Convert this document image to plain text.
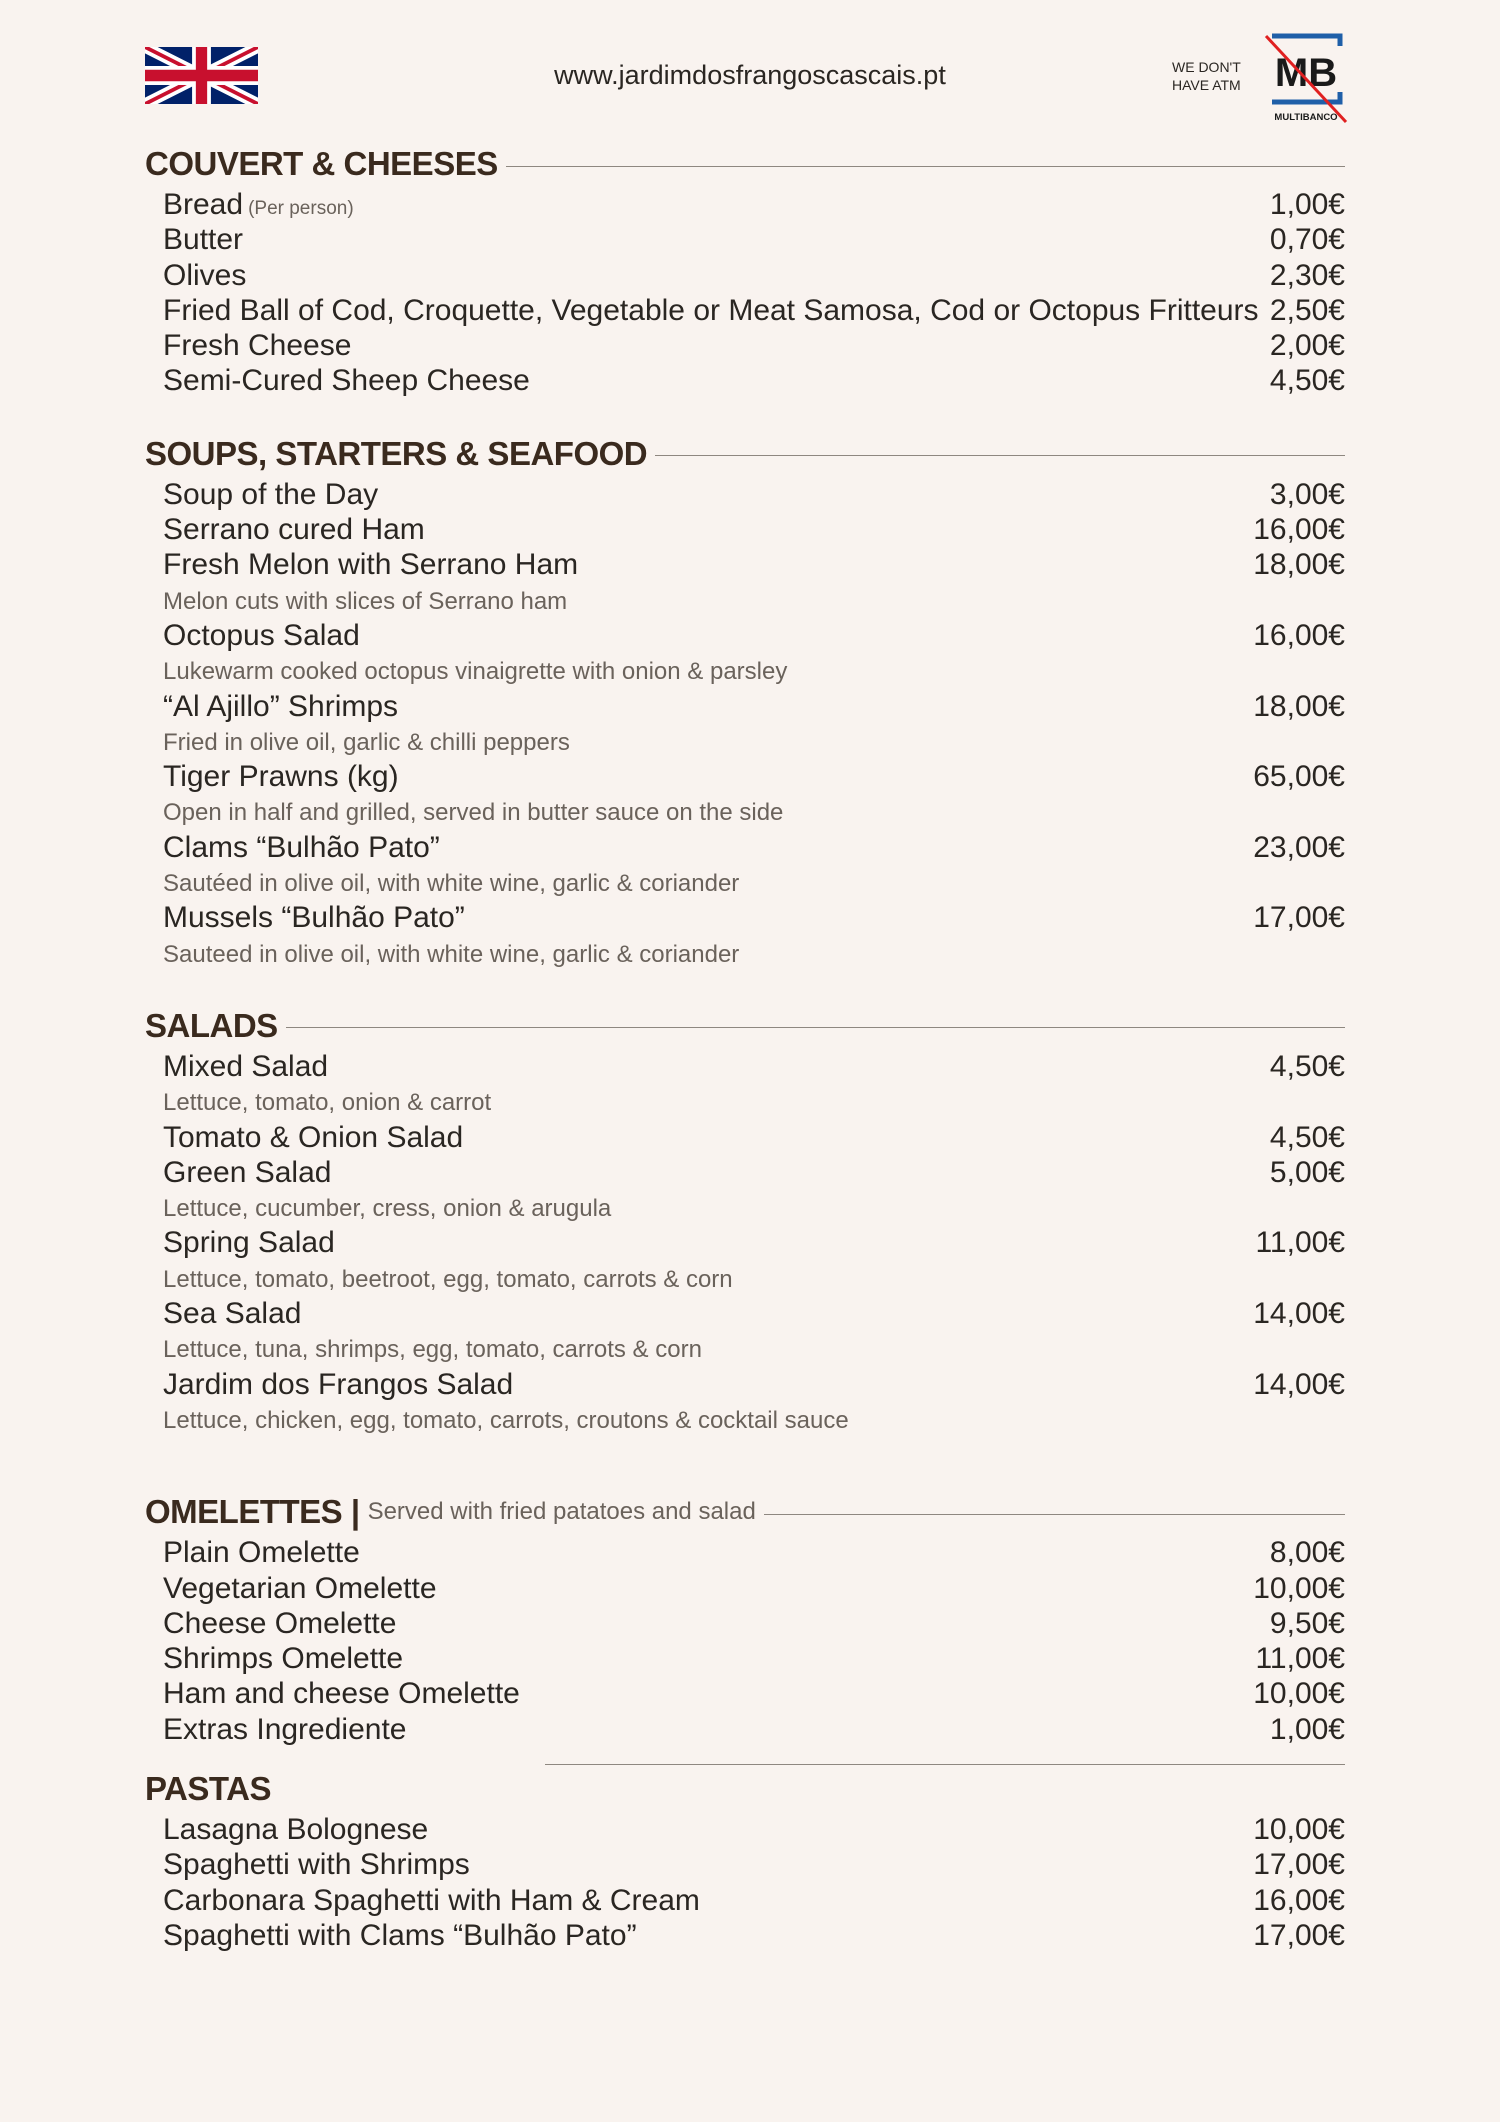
www.jardimdosfrangoscascais.pt	WE DON'T
HAVE ATM MB
MULTIBANCO
COUVERT & CHEESES
Bread (Per person)	1,00€
Butter	0,70€
Olives	2,30€
Fried Ball of Cod, Croquette, Vegetable or Meat Samosa, Cod or Octopus Fritteurs 2,50€
Fresh Cheese	2,00€
Semi-Cured Sheep Cheese	4,50€
SOUPS, STARTERS & SEAFOOD
Soup of the Day	3,00€
Serrano cured Ham	16,00€
Fresh Melon with Serrano Ham	18,00€
Melon cuts with slices of Serrano ham
Octopus Salad	16,00€
Lukewarm cooked octopus vinaigrette with onion & parsley
“Al Ajillo” Shrimps	18,00€
Fried in olive oil, garlic & chilli peppers
Tiger Prawns (kg)	65,00€
Open in half and grilled, served in butter sauce on the side
Clams “Bulhão Pato”	23,00€
Sautéed in olive oil, with white wine, garlic & coriander
Mussels “Bulhão Pato”	17,00€
Sauteed in olive oil, with white wine, garlic & coriander
SALADS
Mixed Salad	4,50€
Lettuce, tomato, onion & carrot
Tomato & Onion Salad	4,50€
Green Salad	5,00€
Lettuce, cucumber, cress, onion & arugula
Spring Salad	11,00€
Lettuce, tomato, beetroot, egg, tomato, carrots & corn
Sea Salad	14,00€
Lettuce, tuna, shrimps, egg, tomato, carrots & corn
Jardim dos Frangos Salad	14,00€
Lettuce, chicken, egg, tomato, carrots, croutons & cocktail sauce
OMELETTES | Served with fried patatoes and salad
Plain Omelette	8,00€
Vegetarian Omelette	10,00€
Cheese Omelette	9,50€
Shrimps Omelette	11,00€
Ham and cheese Omelette	10,00€
Extras Ingrediente	1,00€
PASTAS
Lasagna Bolognese	10,00€
Spaghetti with Shrimps	17,00€
Carbonara Spaghetti with Ham & Cream	16,00€
Spaghetti with Clams “Bulhão Pato”	17,00€
